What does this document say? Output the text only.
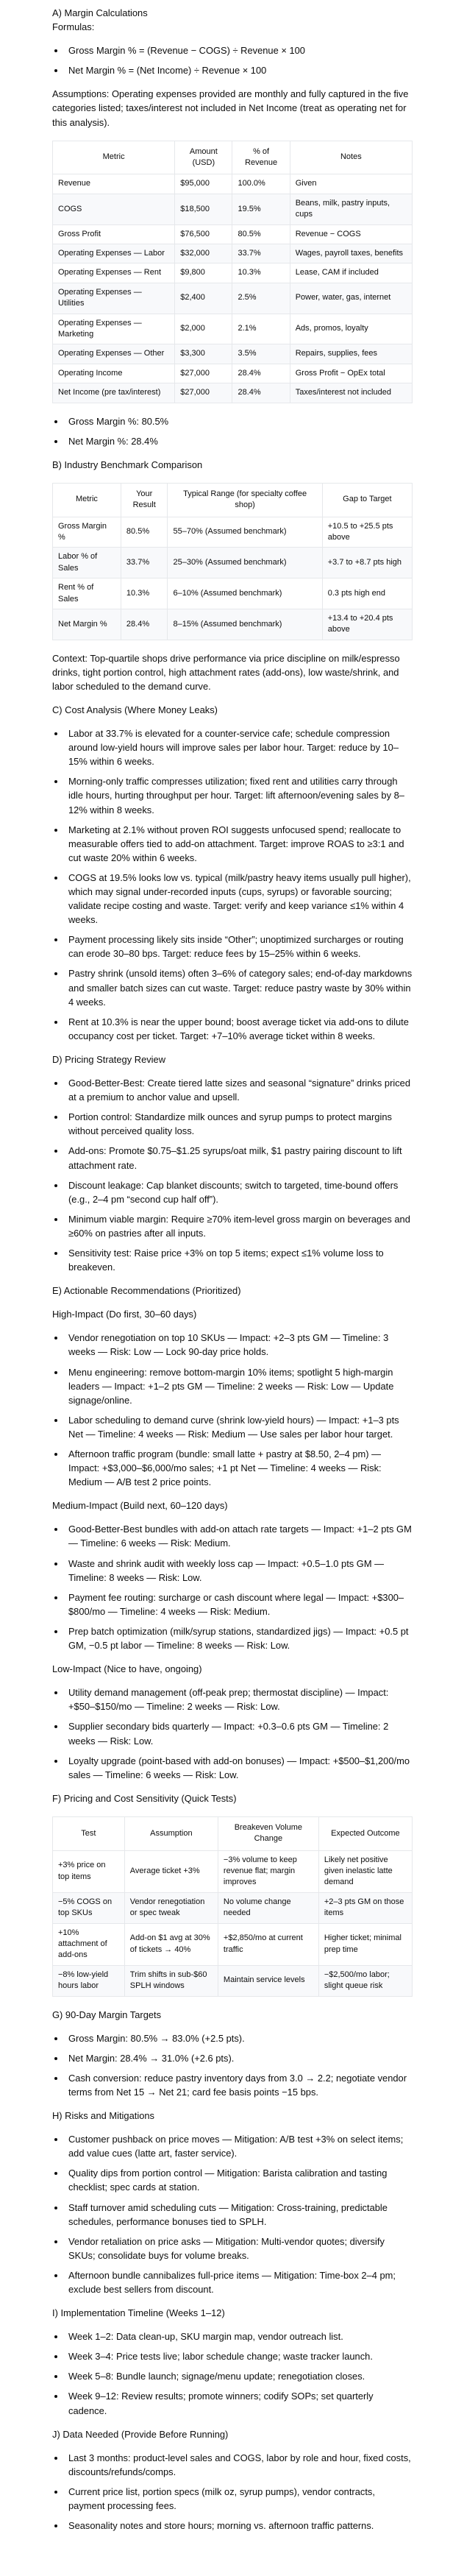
A) Margin Calculations
Formulas:
• Gross Margin % = (Revenue − COGS) ÷ Revenue × 100
• Net Margin % = (Net Income) ÷ Revenue × 100
Assumptions: Operating expenses provided are monthly and fully captured in the five categories listed; taxes/interest not included in Net Income (treat as operating net for this analysis).
Metric	Amount (USD)	% of Revenue	Notes
Revenue	$95,000	100.0%	Given
COGS	$18,500	19.5%	Beans, milk, pastry inputs, cups
Gross Profit	$76,500	80.5%	Revenue − COGS
Operating Expenses — Labor	$32,000	33.7%	Wages, payroll taxes, benefits
Operating Expenses — Rent	$9,800	10.3%	Lease, CAM if included
Operating Expenses — Utilities	$2,400	2.5%	Power, water, gas, internet
Operating Expenses — Marketing	$2,000	2.1%	Ads, promos, loyalty
Operating Expenses — Other	$3,300	3.5%	Repairs, supplies, fees
Operating Income	$27,000	28.4%	Gross Profit − OpEx total
Net Income (pre tax/interest)	$27,000	28.4%	Taxes/interest not included
• Gross Margin %: 80.5%
• Net Margin %: 28.4%
B) Industry Benchmark Comparison
Metric	Your Result	Typical Range (for specialty coffee shop)	Gap to Target
Gross Margin %	80.5%	55–70% (Assumed benchmark)	+10.5 to +25.5 pts above
Labor % of Sales	33.7%	25–30% (Assumed benchmark)	+3.7 to +8.7 pts high
Rent % of Sales	10.3%	6–10% (Assumed benchmark)	0.3 pts high end
Net Margin %	28.4%	8–15% (Assumed benchmark)	+13.4 to +20.4 pts above
Context: Top-quartile shops drive performance via price discipline on milk/espresso drinks, tight portion control, high attachment rates (add-ons), low waste/shrink, and labor scheduled to the demand curve.
C) Cost Analysis (Where Money Leaks)
• Labor at 33.7% is elevated for a counter-service cafe; schedule compression around low-yield hours will improve sales per labor hour. Target: reduce by 10–15% within 6 weeks.
• Morning-only traffic compresses utilization; fixed rent and utilities carry through idle hours, hurting throughput per hour. Target: lift afternoon/evening sales by 8–12% within 8 weeks.
• Marketing at 2.1% without proven ROI suggests unfocused spend; reallocate to measurable offers tied to add-on attachment. Target: improve ROAS to ≥3:1 and cut waste 20% within 6 weeks.
• COGS at 19.5% looks low vs. typical (milk/pastry heavy items usually pull higher), which may signal under-recorded inputs (cups, syrups) or favorable sourcing; validate recipe costing and waste. Target: verify and keep variance ≤1% within 4 weeks.
• Payment processing likely sits inside “Other”; unoptimized surcharges or routing can erode 30–80 bps. Target: reduce fees by 15–25% within 6 weeks.
• Pastry shrink (unsold items) often 3–6% of category sales; end-of-day markdowns and smaller batch sizes can cut waste. Target: reduce pastry waste by 30% within 4 weeks.
• Rent at 10.3% is near the upper bound; boost average ticket via add-ons to dilute occupancy cost per ticket. Target: +7–10% average ticket within 8 weeks.
D) Pricing Strategy Review
• Good-Better-Best: Create tiered latte sizes and seasonal “signature” drinks priced at a premium to anchor value and upsell.
• Portion control: Standardize milk ounces and syrup pumps to protect margins without perceived quality loss.
• Add-ons: Promote $0.75–$1.25 syrups/oat milk, $1 pastry pairing discount to lift attachment rate.
• Discount leakage: Cap blanket discounts; switch to targeted, time-bound offers (e.g., 2–4 pm “second cup half off”).
• Minimum viable margin: Require ≥70% item-level gross margin on beverages and ≥60% on pastries after all inputs.
• Sensitivity test: Raise price +3% on top 5 items; expect ≤1% volume loss to breakeven.
E) Actionable Recommendations (Prioritized)
High-Impact (Do first, 30–60 days)
• Vendor renegotiation on top 10 SKUs — Impact: +2–3 pts GM — Timeline: 3 weeks — Risk: Low — Lock 90-day price holds.
• Menu engineering: remove bottom-margin 10% items; spotlight 5 high-margin leaders — Impact: +1–2 pts GM — Timeline: 2 weeks — Risk: Low — Update signage/online.
• Labor scheduling to demand curve (shrink low-yield hours) — Impact: +1–3 pts Net — Timeline: 4 weeks — Risk: Medium — Use sales per labor hour target.
• Afternoon traffic program (bundle: small latte + pastry at $8.50, 2–4 pm) — Impact: +$3,000–$6,000/mo sales; +1 pt Net — Timeline: 4 weeks — Risk: Medium — A/B test 2 price points.
Medium-Impact (Build next, 60–120 days)
• Good-Better-Best bundles with add-on attach rate targets — Impact: +1–2 pts GM — Timeline: 6 weeks — Risk: Medium.
• Waste and shrink audit with weekly loss cap — Impact: +0.5–1.0 pts GM — Timeline: 8 weeks — Risk: Low.
• Payment fee routing: surcharge or cash discount where legal — Impact: +$300–$800/mo — Timeline: 4 weeks — Risk: Medium.
• Prep batch optimization (milk/syrup stations, standardized jigs) — Impact: +0.5 pt GM, −0.5 pt labor — Timeline: 8 weeks — Risk: Low.
Low-Impact (Nice to have, ongoing)
• Utility demand management (off-peak prep; thermostat discipline) — Impact: +$50–$150/mo — Timeline: 2 weeks — Risk: Low.
• Supplier secondary bids quarterly — Impact: +0.3–0.6 pts GM — Timeline: 2 weeks — Risk: Low.
• Loyalty upgrade (point-based with add-on bonuses) — Impact: +$500–$1,200/mo sales — Timeline: 6 weeks — Risk: Low.
F) Pricing and Cost Sensitivity (Quick Tests)
Test	Assumption	Breakeven Volume Change	Expected Outcome
+3% price on top items	Average ticket +3%	−3% volume to keep revenue flat; margin improves	Likely net positive given inelastic latte demand
−5% COGS on top SKUs	Vendor renegotiation or spec tweak	No volume change needed	+2–3 pts GM on those items
+10% attachment of add-ons	Add-on $1 avg at 30% of tickets → 40%	+$2,850/mo at current traffic	Higher ticket; minimal prep time
−8% low-yield hours labor	Trim shifts in sub-$60 SPLH windows	Maintain service levels	−$2,500/mo labor; slight queue risk
G) 90-Day Margin Targets
• Gross Margin: 80.5% → 83.0% (+2.5 pts).
• Net Margin: 28.4% → 31.0% (+2.6 pts).
• Cash conversion: reduce pastry inventory days from 3.0 → 2.2; negotiate vendor terms from Net 15 → Net 21; card fee basis points −15 bps.
H) Risks and Mitigations
• Customer pushback on price moves — Mitigation: A/B test +3% on select items; add value cues (latte art, faster service).
• Quality dips from portion control — Mitigation: Barista calibration and tasting checklist; spec cards at station.
• Staff turnover amid scheduling cuts — Mitigation: Cross-training, predictable schedules, performance bonuses tied to SPLH.
• Vendor retaliation on price asks — Mitigation: Multi-vendor quotes; diversify SKUs; consolidate buys for volume breaks.
• Afternoon bundle cannibalizes full-price items — Mitigation: Time-box 2–4 pm; exclude best sellers from discount.
I) Implementation Timeline (Weeks 1–12)
• Week 1–2: Data clean-up, SKU margin map, vendor outreach list.
• Week 3–4: Price tests live; labor schedule change; waste tracker launch.
• Week 5–8: Bundle launch; signage/menu update; renegotiation closes.
• Week 9–12: Review results; promote winners; codify SOPs; set quarterly cadence.
J) Data Needed (Provide Before Running)
• Last 3 months: product-level sales and COGS, labor by role and hour, fixed costs, discounts/refunds/comps.
• Current price list, portion specs (milk oz, syrup pumps), vendor contracts, payment processing fees.
• Seasonality notes and store hours; morning vs. afternoon traffic patterns.
